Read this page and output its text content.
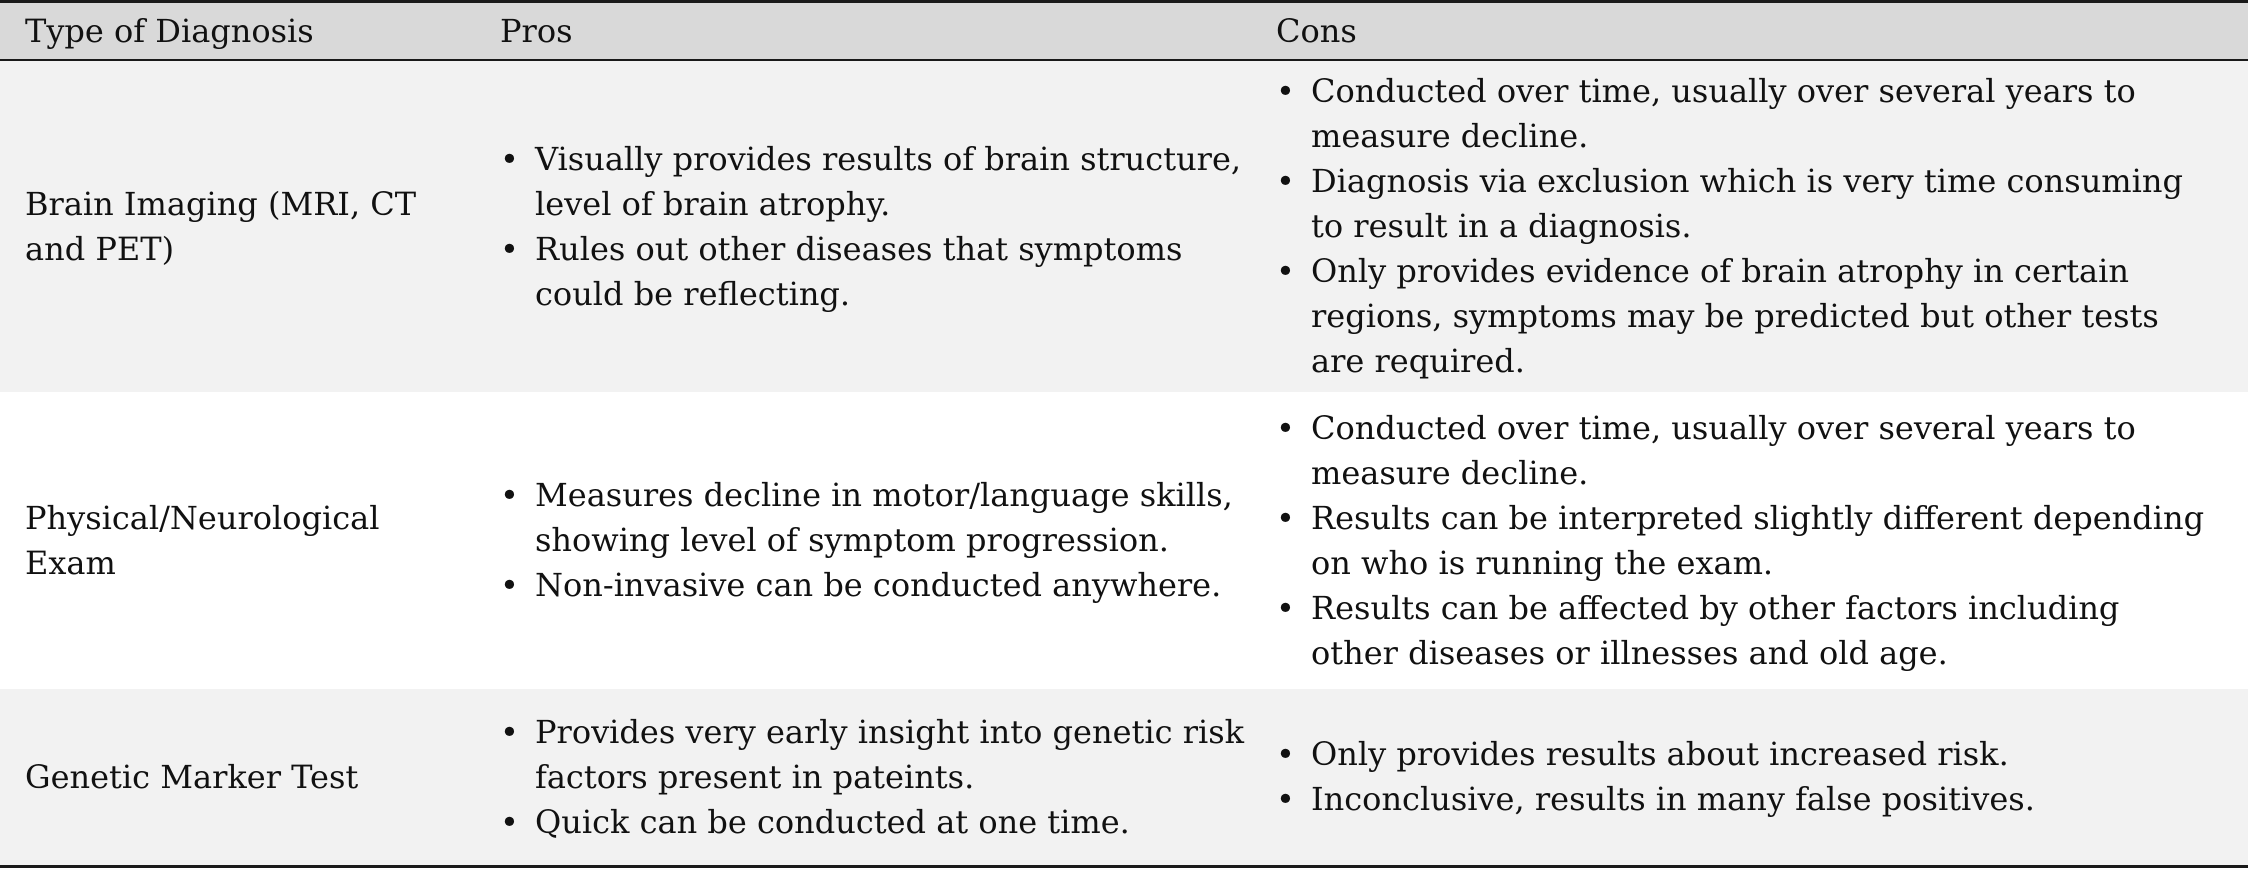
Type of Diagnosis	Pros	Cons
Brain Imaging (MRI, CT and PET)
• Visually provides results of brain structure, level of brain atrophy.
• Rules out other diseases that symptoms could be reflecting.
• Conducted over time, usually over several years to measure decline.
• Diagnosis via exclusion which is very time consuming to result in a diagnosis.
• Only provides evidence of brain atrophy in certain regions, symptoms may be predicted but other tests are required.
Physical/Neurological Exam
• Measures decline in motor/language skills, showing level of symptom progression.
• Non-invasive can be conducted anywhere.
• Conducted over time, usually over several years to measure decline.
• Results can be interpreted slightly different depending on who is running the exam.
• Results can be affected by other factors including other diseases or illnesses and old age.
Genetic Marker Test
• Provides very early insight into genetic risk factors present in pateints.
• Quick can be conducted at one time.
• Only provides results about increased risk.
• Inconclusive, results in many false positives.
